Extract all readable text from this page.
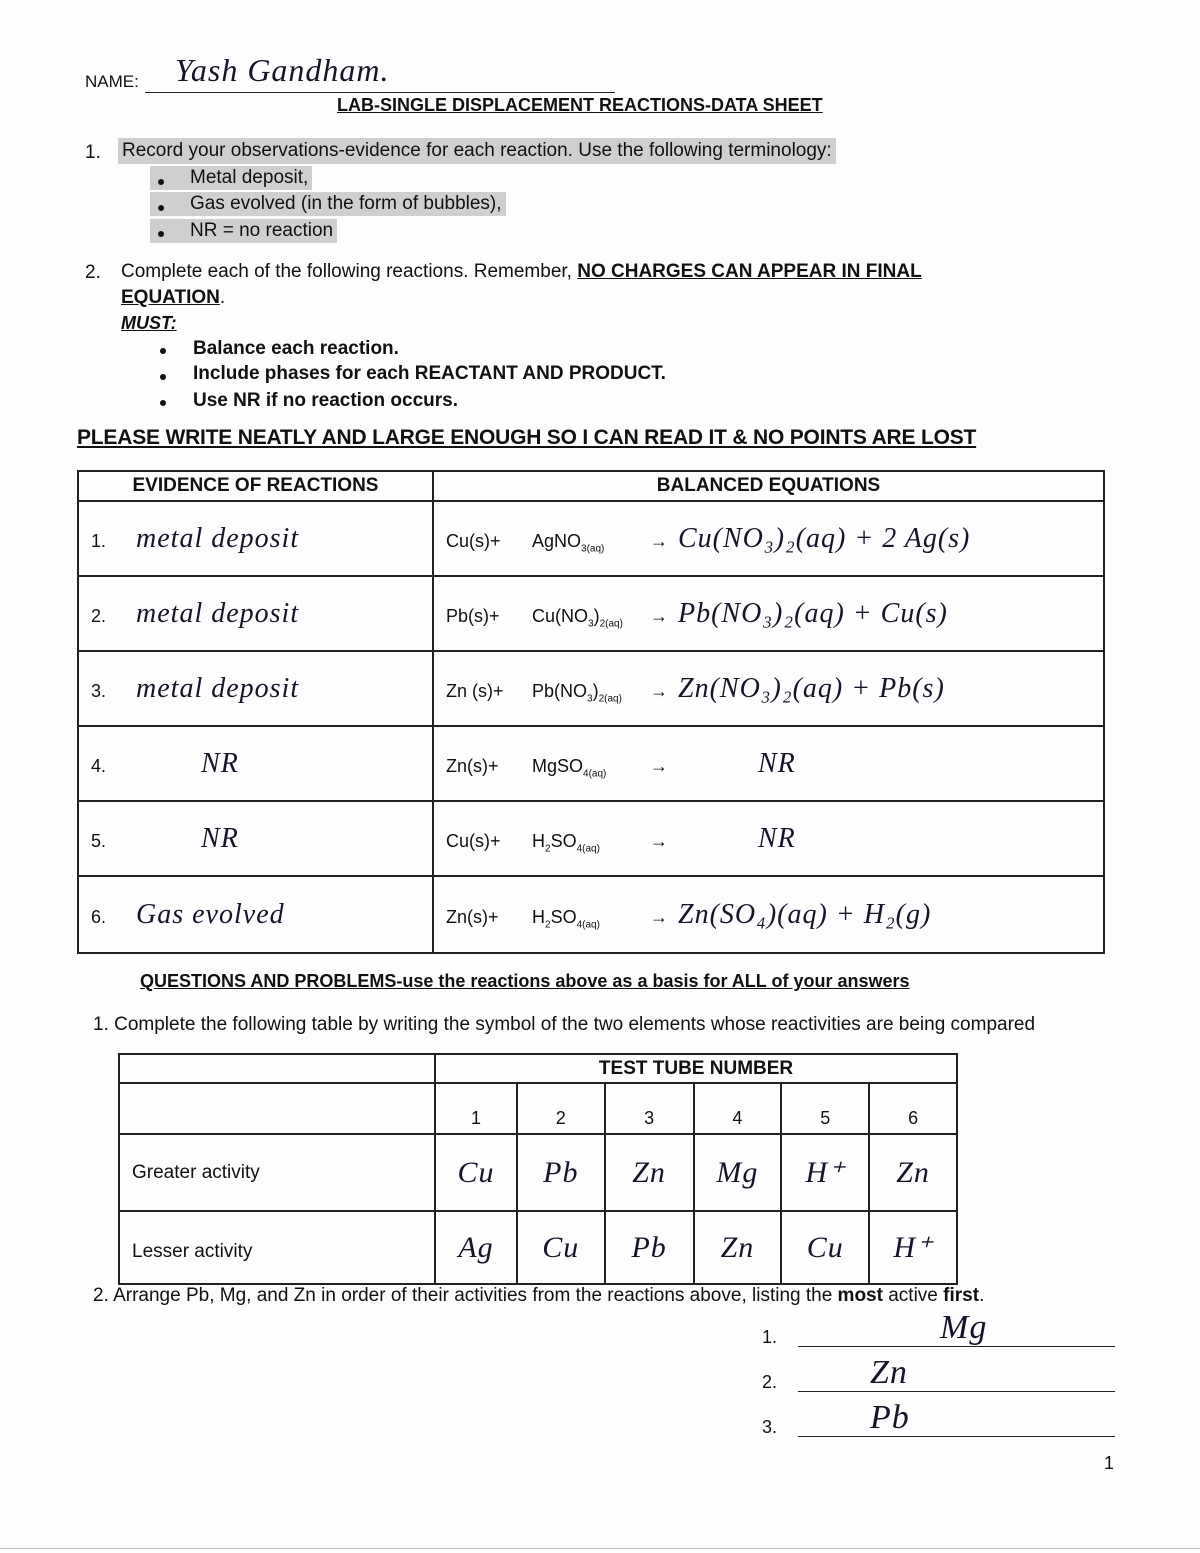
NAME: Yash Gandham.
LAB-SINGLE DISPLACEMENT REACTIONS-DATA SHEET
1. Record your observations-evidence for each reaction. Use the following terminology:
Metal deposit,
Gas evolved (in the form of bubbles),
NR = no reaction
2. Complete each of the following reactions. Remember, NO CHARGES CAN APPEAR IN FINAL
EQUATION.
MUST:
Balance each reaction.
Include phases for each REACTANT AND PRODUCT.
Use NR if no reaction occurs.
PLEASE WRITE NEATLY AND LARGE ENOUGH SO I CAN READ IT & NO POINTS ARE LOST
EVIDENCE OF REACTIONS	BALANCED EQUATIONS
1. metal deposit	Cu(s)+ AgNO$_{3(aq)}$ → Cu(NO₃)₂(aq) + 2 Ag(s)
2. metal deposit	$Pb(s)+ Cu(NO_3)_{2(aq)} \to Pb(NO_3)_2(aq) + Cu(s)$
3. metal deposit	Zn $(s)+ Pb(NO_3)_{2(aq)} \to Zn(NO_3)_2(aq) + Pb(s)$
4. NR	Zn(s)+ MgSO$_{4(aq)}$ → NR
5. NR	$Cu(s)+ H_2SO_{4(aq)}$ → NR
6. Gas evolved	$Zn(s)+ H_2SO_{4(aq)} \to Zn(SO_4)(aq) + H_2(g)$
QUESTIONS AND PROBLEMS-use the reactions above as a basis for ALL of your answers
1. Complete the following table by writing the symbol of the two elements whose reactivities are being compared
	TEST TUBE NUMBER					
	1	2	3	4	5	6
Greater activity	Cu	Pb	Zn	Mg	H⁺	Zn
Lesser activity	Ag	Cu	Pb	Zn	Cu	H⁺
2. Arrange Pb, Mg, and Zn in order of their activities from the reactions above, listing the most active first.
1.	Mg
2.	Zn
3.	Pb
1
